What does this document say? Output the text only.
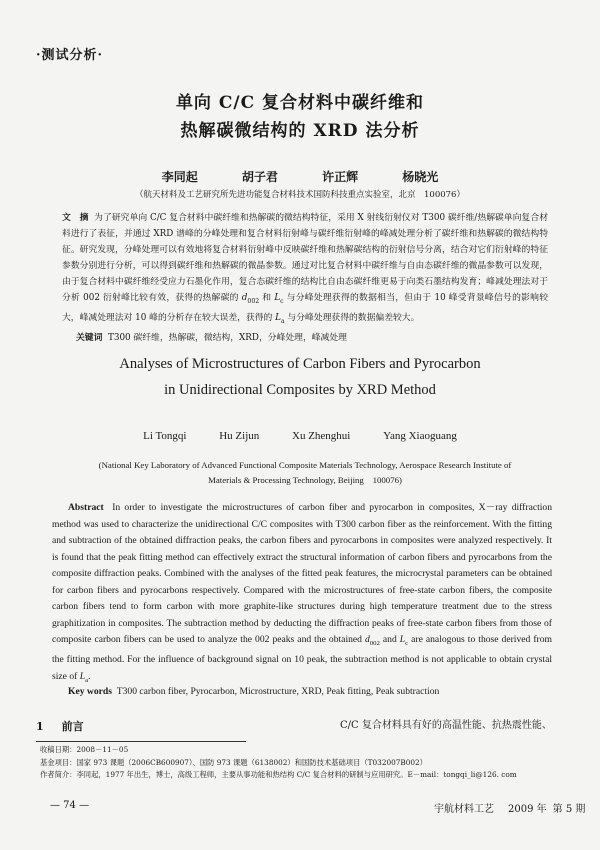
·测试分析·
单向 C/C 复合材料中碳纤维和
热解碳微结构的 XRD 法分析
李同起	胡子君	许正辉	杨晓光
（航天材料及工艺研究所先进功能复合材料技术国防科技重点实验室，北京　100076）
文　摘 为了研究单向 C/C 复合材料中碳纤维和热解碳的微结构特征，采用 X 射线衍射仪对 T300 碳纤维/热解碳单向复合材料进行了表征，并通过 XRD 谱峰的分峰处理和复合材料衍射峰与碳纤维衍射峰的峰减处理分析了碳纤维和热解碳的微结构特征。研究发现，分峰处理可以有效地将复合材料衍射峰中反映碳纤维和热解碳结构的衍射信号分离，结合对它们衍射峰的特征参数分别进行分析，可以得到碳纤维和热解碳的微晶参数。通过对比复合材料中碳纤维与自由态碳纤维的微晶参数可以发现，由于复合材料中碳纤维经受应力石墨化作用，复合态碳纤维的结构比自由态碳纤维更易于向类石墨结构发育；峰减处理法对于分析 002 衍射峰比较有效，获得的热解碳的 $d_{002}$ 和 $L_c$ 与分峰处理获得的数据相当，但由于 10 峰受背景峰信号的影响较大，峰减处理法对 10 峰的分析存在较大误差，获得的 $L_a$ 与分峰处理获得的数据偏差较大。
关键词 T300 碳纤维，热解碳，微结构，XRD，分峰处理，峰减处理
Analyses of Microstructures of Carbon Fibers and Pyrocarbon
in Unidirectional Composites by XRD Method
Li Tongqi	Hu Zijun	Xu Zhenghui	Yang Xiaoguang
(National Key Laboratory of Advanced Functional Composite Materials Technology, Aerospace Research Institute of Materials & Processing Technology, Beijing　100076)
Abstract In order to investigate the microstructures of carbon fiber and pyrocarbon in composites, X－ray diffraction method was used to characterize the unidirectional C/C composites with T300 carbon fiber as the reinforcement. With the fitting and subtraction of the obtained diffraction peaks, the carbon fibers and pyrocarbons in composites were analyzed respectively. It is found that the peak fitting method can effectively extract the structural information of carbon fibers and pyrocarbons from the composite diffraction peaks. Combined with the analyses of the fitted peak features, the microcrystal parameters can be obtained for carbon fibers and pyrocarbons respectively. Compared with the microstructures of free-state carbon fibers, the composite carbon fibers tend to form carbon with more graphite-like structures during high temperature treatment due to the stress graphitization in composites. The subtraction method by deducting the diffraction peaks of free-state carbon fibers from those of composite carbon fibers can be used to analyze the 002 peaks and the obtained $d_{002}$ and $L_c$ are analogous to those derived from the fitting method. For the influence of background signal on 10 peak, the subtraction method is not applicable to obtain crystal size of $L_a$.
Key words T300 carbon fiber, Pyrocarbon, Microstructure, XRD, Peak fitting, Peak subtraction
1 前言	C/C 复合材料具有好的高温性能、抗热震性能、
收稿日期：2008－11－05
基金项目：国家 973 课题（2006CB600907）、国防 973 课题（6138002）和国防技术基础项目（T032007B002）
作者简介：李同起，1977 年出生，博士，高级工程师，主要从事功能和热结构 C/C 复合材料的研制与应用研究。E－mail：tongqi_li@126. com
— 74 —	宇航材料工艺 2009 年 第 5 期
